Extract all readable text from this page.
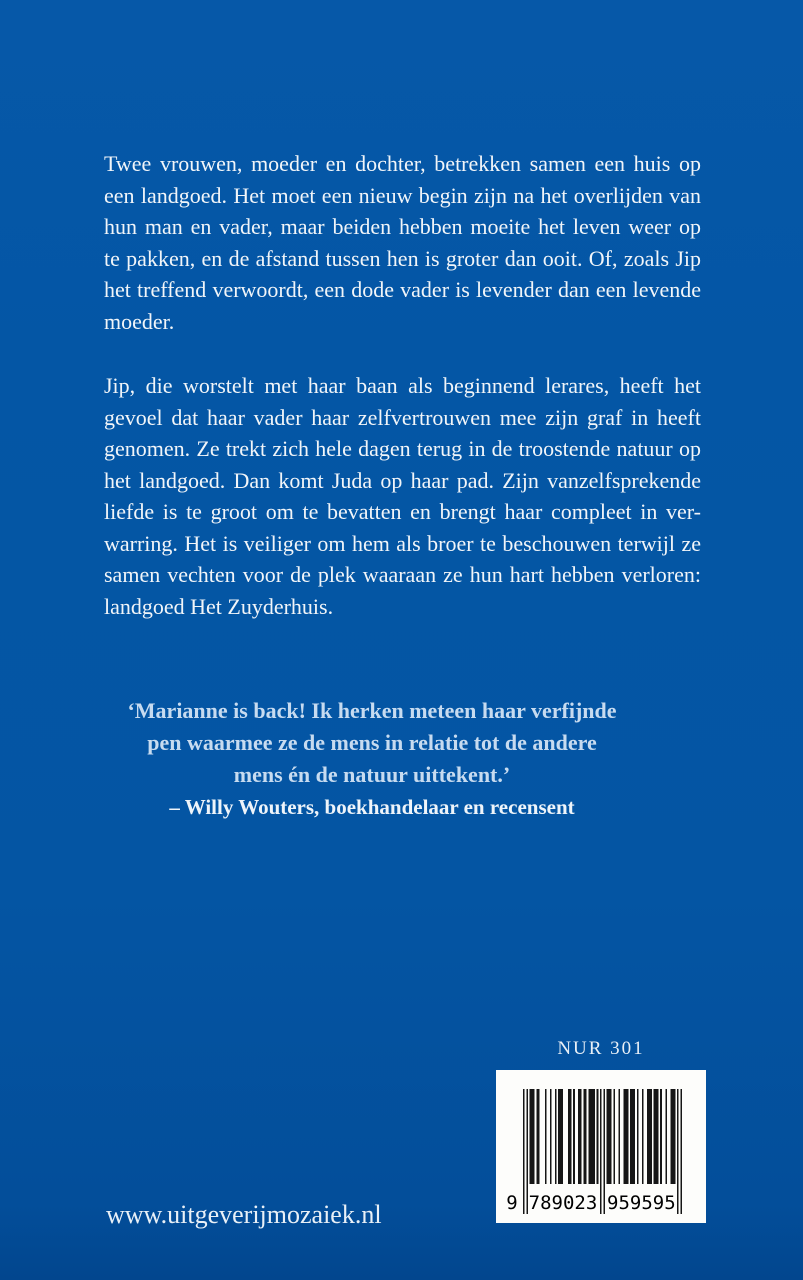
Twee vrouwen, moeder en dochter, betrekken samen een huis op
een landgoed. Het moet een nieuw begin zijn na het overlijden van
hun man en vader, maar beiden hebben moeite het leven weer op
te pakken, en de afstand tussen hen is groter dan ooit. Of, zoals Jip
het treffend verwoordt, een dode vader is levender dan een levende
moeder.
Jip, die worstelt met haar baan als beginnend lerares, heeft het
gevoel dat haar vader haar zelfvertrouwen mee zijn graf in heeft
genomen. Ze trekt zich hele dagen terug in de troostende natuur op
het landgoed. Dan komt Juda op haar pad. Zijn vanzelfsprekende
liefde is te groot om te bevatten en brengt haar compleet in ver-
warring. Het is veiliger om hem als broer te beschouwen terwijl ze
samen vechten voor de plek waaraan ze hun hart hebben verloren:
landgoed Het Zuyderhuis.
‘Marianne is back! Ik herken meteen haar verfijnde
pen waarmee ze de mens in relatie tot de andere
mens én de natuur uittekent.’
– Willy Wouters, boekhandelaar en recensent
NUR 301
9 789023 959595
www.uitgeverijmozaiek.nl
